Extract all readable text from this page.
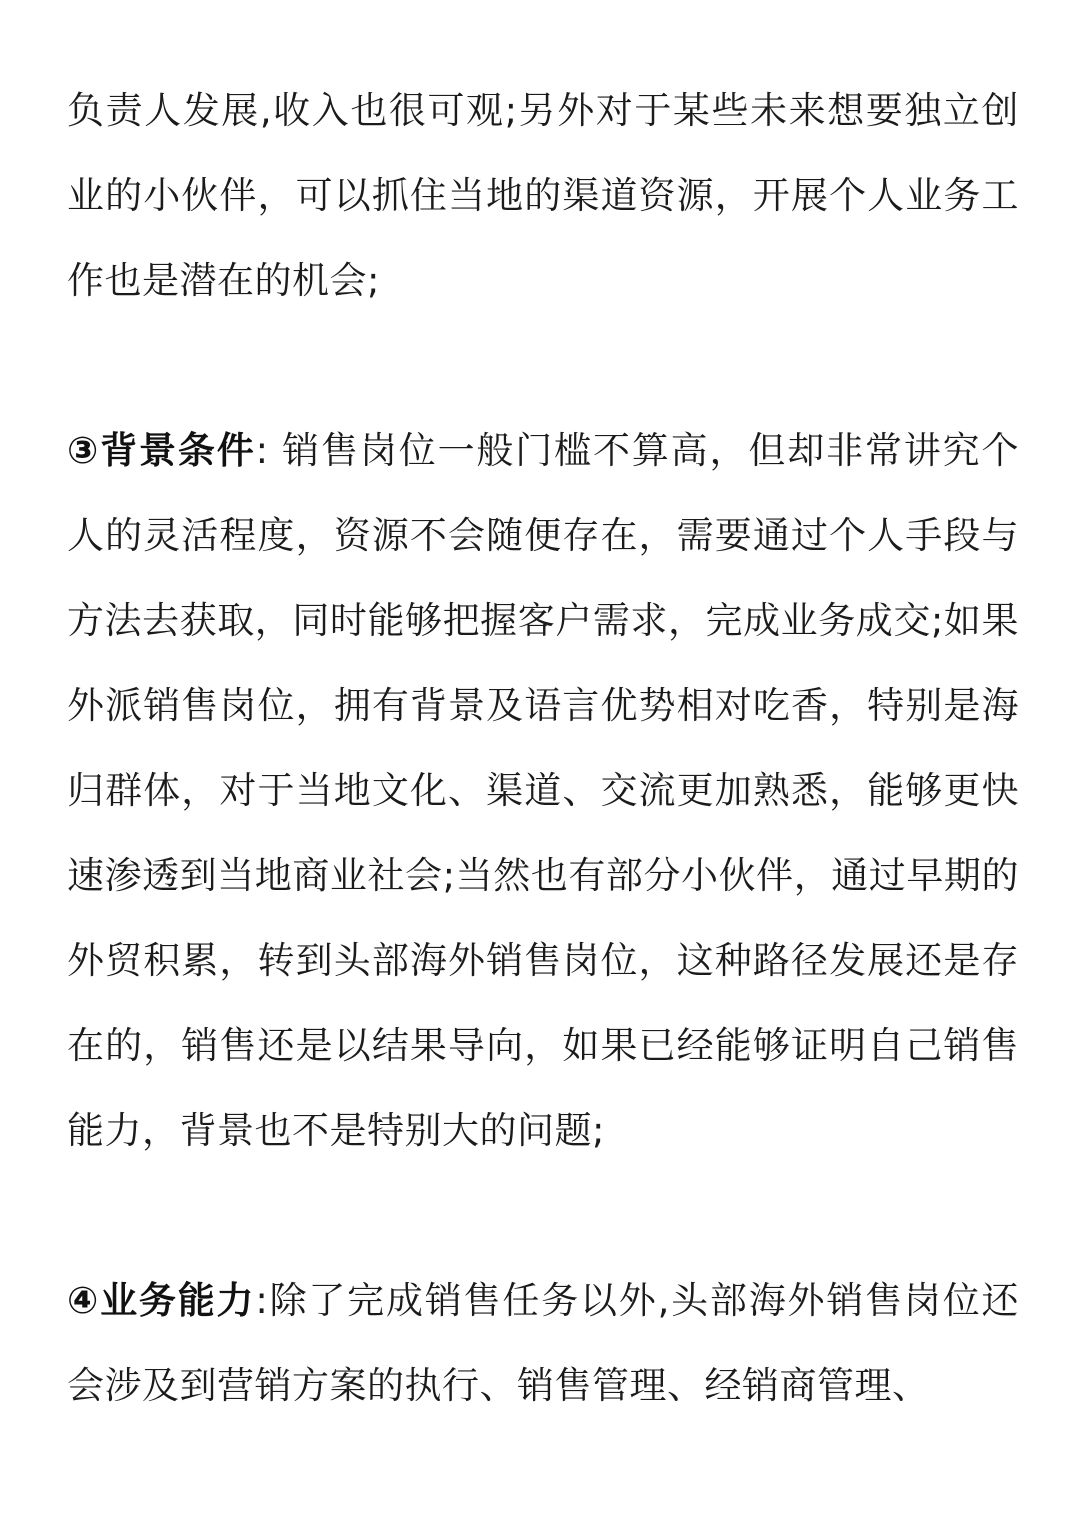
负责人发展,收入也很可观;另外对于某些未来想要独立创业的小伙伴，可以抓住当地的渠道资源，开展个人业务工作也是潜在的机会;

③背景条件: 销售岗位一般门槛不算高，但却非常讲究个人的灵活程度，资源不会随便存在，需要通过个人手段与方法去获取，同时能够把握客户需求，完成业务成交;如果外派销售岗位，拥有背景及语言优势相对吃香，特别是海归群体，对于当地文化、渠道、交流更加熟悉，能够更快速渗透到当地商业社会;当然也有部分小伙伴，通过早期的外贸积累，转到头部海外销售岗位，这种路径发展还是存在的，销售还是以结果导向，如果已经能够证明自己销售能力，背景也不是特别大的问题;

④业务能力:除了完成销售任务以外,头部海外销售岗位还会涉及到营销方案的执行、销售管理、经销商管理、
